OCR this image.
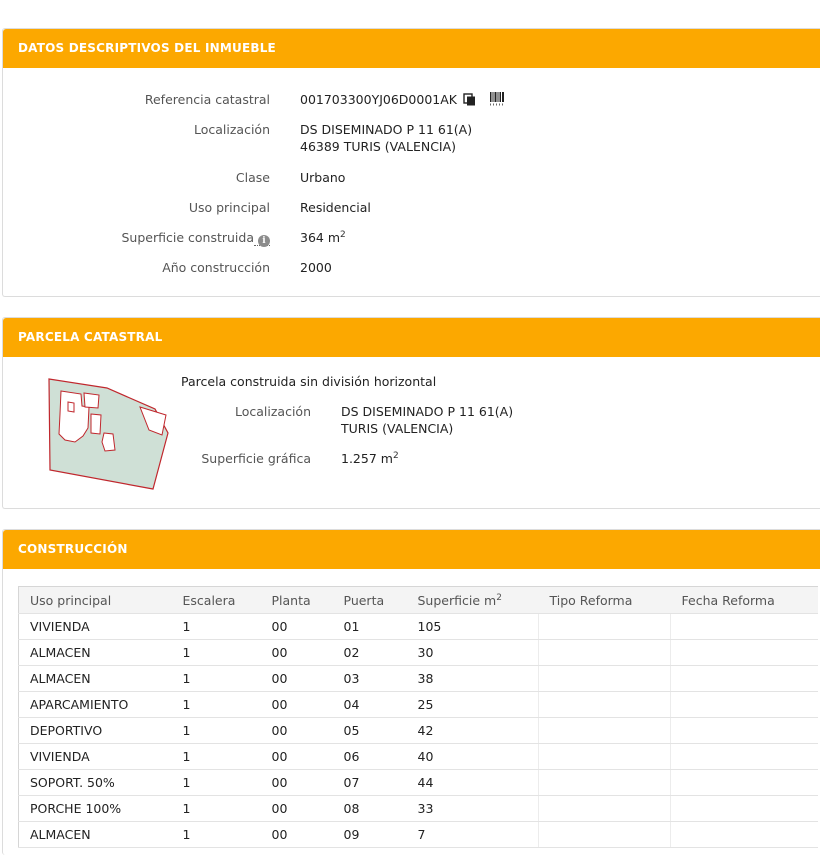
DATOS DESCRIPTIVOS DEL INMUEBLE
Referencia catastral 001703300YJ06D0001AK
Localización DS DISEMINADO P 11 61(A)
46389 TURIS (VALENCIA)
Clase Urbano
Uso principal Residencial
Superficie construida i	364 $m^2$
Año construcción 2000
PARCELA CATASTRAL
Parcela construida sin división horizontal
Localización DS DISEMINADO P 11 61(A)
TURIS (VALENCIA)
Superficie gráfica 1.257 $m^2$
CONSTRUCCIÓN
Uso principal	Escalera	Planta	Puerta	Superficie $m^2$	Tipo Reforma	Fecha Reforma
VIVIENDA	1	00	01	105		
ALMACEN	1	00	02	30		
ALMACEN	1	00	03	38		
APARCAMIENTO	1	00	04	25		
DEPORTIVO	1	00	05	42		
VIVIENDA	1	00	06	40		
SOPORT. 50%	1	00	07	44		
PORCHE 100%	1	00	08	33		
ALMACEN	1	00	09	7		
